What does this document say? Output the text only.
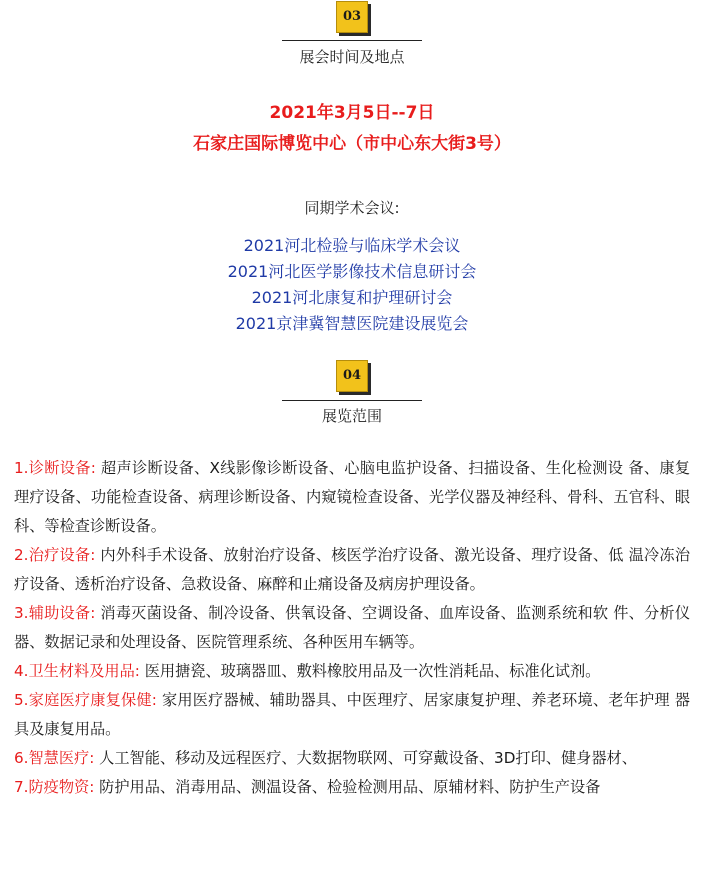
03
展会时间及地点
2021年3月5日--7日
石家庄国际博览中心（市中心东大街3号）
同期学术会议:
2021河北检验与临床学术会议
2021河北医学影像技术信息研讨会
2021河北康复和护理研讨会
2021京津冀智慧医院建设展览会
04
展览范围

1.诊断设备: 超声诊断设备、X线影像诊断设备、心脑电监护设备、扫描设备、生化检测设 备、康复理疗设备、功能检查设备、病理诊断设备、内窥镜检查设备、光学仪器及神经科、骨科、五官科、眼科、等检查诊断设备。

2.治疗设备: 内外科手术设备、放射治疗设备、核医学治疗设备、激光设备、理疗设备、低 温冷冻治疗设备、透析治疗设备、急救设备、麻醉和止痛设备及病房护理设备。

3.辅助设备: 消毒灭菌设备、制冷设备、供氧设备、空调设备、血库设备、监测系统和软 件、分析仪器、数据记录和处理设备、医院管理系统、各种医用车辆等。

4.卫生材料及用品: 医用搪瓷、玻璃器皿、敷料橡胶用品及一次性消耗品、标准化试剂。

5.家庭医疗康复保健: 家用医疗器械、辅助器具、中医理疗、居家康复护理、养老环境、老年护理 器具及康复用品。

6.智慧医疗: 人工智能、移动及远程医疗、大数据物联网、可穿戴设备、3D打印、健身器材、

7.防疫物资: 防护用品、消毒用品、测温设备、检验检测用品、原辅材料、防护生产设备
